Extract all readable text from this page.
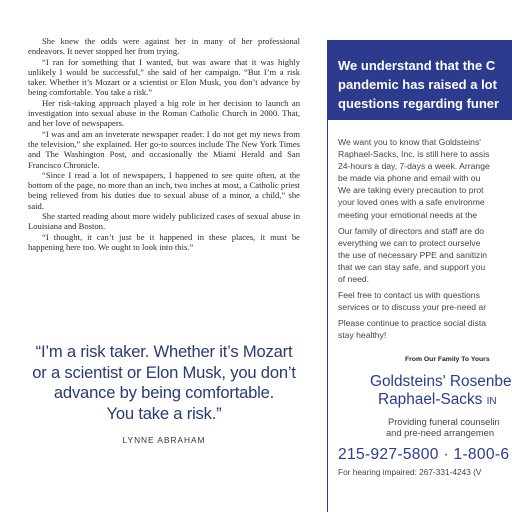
She knew the odds were against her in many of her professional endeavors. It never stopped her from trying.

“I ran for something that I wanted, but was aware that it was highly unlikely I would be successful,” she said of her campaign. “But I’m a risk taker. Whether it’s Mozart or a scientist or Elon Musk, you don’t advance by being comfortable. You take a risk.”

Her risk-taking approach played a big role in her decision to launch an investigation into sexual abuse in the Roman Catholic Church in 2000. That, and her love of newspapers.

“I was and am an inveterate newspaper reader. I do not get my news from the television,” she explained. Her go-to sources include The New York Times and The Washington Post, and occasionally the Miami Herald and San Francisco Chronicle.

“Since I read a lot of newspapers, I happened to see quite often, at the bottom of the page, no more than an inch, two inches at most, a Catholic priest being relieved from his duties due to sexual abuse of a minor, a child,” she said.

She started reading about more widely publicized cases of sexual abuse in Louisiana and Boston.

“I thought, it can’t just be it happened in these places, it must be happening here too. We ought to look into this.”

“I’m a risk taker. Whether it’s Mozart
or a scientist or Elon Musk, you don’t
advance by being comfortable.
You take a risk.”
LYNNE ABRAHAM
We understand that the C
pandemic has raised a lot
questions regarding funer
We want you to know that Goldsteins'
Raphael-Sacks, Inc. is still here to assis
24-hours a day, 7-days a week. Arrange
be made via phone and email with ou
We are taking every precaution to prot
your loved ones with a safe environme
meeting your emotional needs at the
Our family of directors and staff are do
everything we can to protect ourselve
the use of necessary PPE and sanitizin
that we can stay safe, and support you
of need.
Feel free to contact us with questions
services or to discuss your pre-need ar
Please continue to practice social dista
stay healthy!
From Our Family To Yours
Goldsteins' Rosenbe
Raphael-Sacks IN
Providing funeral counselin
and pre-need arrangemen
215-927-5800 · 1-800-6
For hearing impaired: 267-331-4243 (V
